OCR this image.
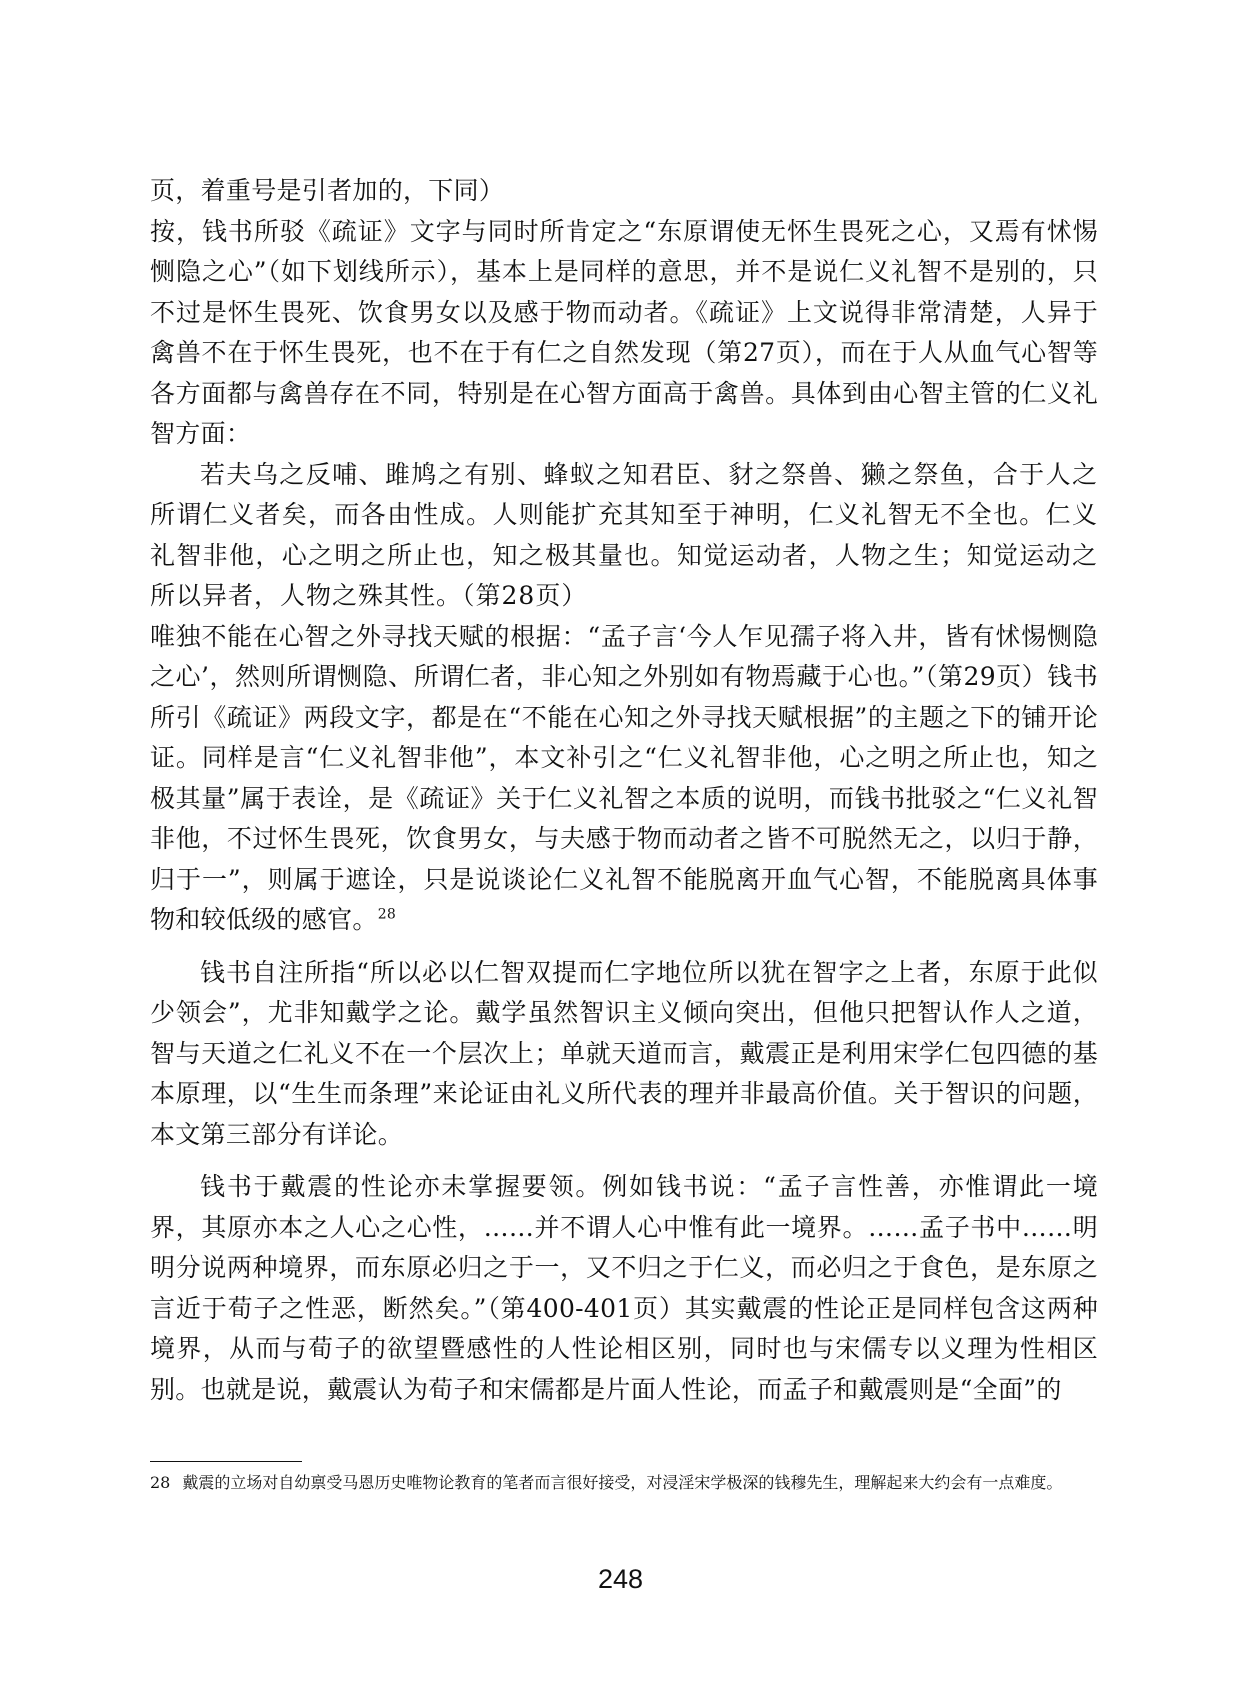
页，着重号是引者加的，下同）

按，钱书所驳《疏证》文字与同时所肯定之“东原谓使无怀生畏死之心，又焉有怵惕恻隐之心”（如下划线所示），基本上是同样的意思，并不是说仁义礼智不是别的，只不过是怀生畏死、饮食男女以及感于物而动者。《疏证》上文说得非常清楚，人异于禽兽不在于怀生畏死，也不在于有仁之自然发现（第27页），而在于人从血气心智等各方面都与禽兽存在不同，特别是在心智方面高于禽兽。具体到由心智主管的仁义礼智方面：

若夫乌之反哺、雎鸠之有别、蜂蚁之知君臣、豺之祭兽、獭之祭鱼，合于人之所谓仁义者矣，而各由性成。人则能扩充其知至于神明，仁义礼智无不全也。仁义礼智非他，心之明之所止也，知之极其量也。知觉运动者，人物之生；知觉运动之所以异者，人物之殊其性。（第28页）

唯独不能在心智之外寻找天赋的根据：“孟子言‘今人乍见孺子将入井，皆有怵惕恻隐之心’，然则所谓恻隐、所谓仁者，非心知之外别如有物焉藏于心也。”（第29页）钱书所引《疏证》两段文字，都是在“不能在心知之外寻找天赋根据”的主题之下的铺开论证。同样是言“仁义礼智非他”，本文补引之“仁义礼智非他，心之明之所止也，知之极其量”属于表诠，是《疏证》关于仁义礼智之本质的说明，而钱书批驳之“仁义礼智非他，不过怀生畏死，饮食男女，与夫感于物而动者之皆不可脱然无之，以归于静，归于一”，则属于遮诠，只是说谈论仁义礼智不能脱离开血气心智，不能脱离具体事物和较低级的感官。$^{28}$

钱书自注所指“所以必以仁智双提而仁字地位所以犹在智字之上者，东原于此似少领会”，尤非知戴学之论。戴学虽然智识主义倾向突出，但他只把智认作人之道，智与天道之仁礼义不在一个层次上；单就天道而言，戴震正是利用宋学仁包四德的基本原理，以“生生而条理”来论证由礼义所代表的理并非最高价值。关于智识的问题，本文第三部分有详论。

钱书于戴震的性论亦未掌握要领。例如钱书说：“孟子言性善，亦惟谓此一境界，其原亦本之人心之心性，……并不谓人心中惟有此一境界。……孟子书中……明明分说两种境界，而东原必归之于一，又不归之于仁义，而必归之于食色，是东原之言近于荀子之性恶，断然矣。”（第400-401页）其实戴震的性论正是同样包含这两种境界，从而与荀子的欲望暨感性的人性论相区别，同时也与宋儒专以义理为性相区别。也就是说，戴震认为荀子和宋儒都是片面人性论，而孟子和戴震则是“全面”的

28 戴震的立场对自幼禀受马恩历史唯物论教育的笔者而言很好接受，对浸淫宋学极深的钱穆先生，理解起来大约会有一点难度。
248
